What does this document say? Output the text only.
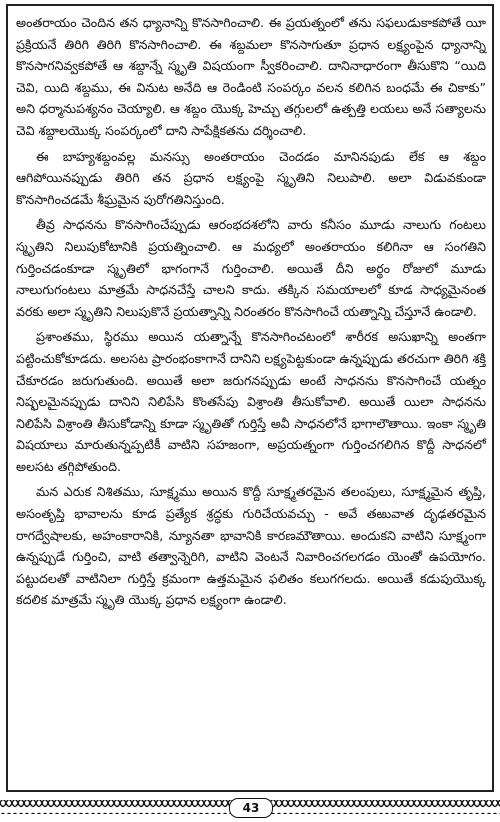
అంతరాయం చెందిన తన ధ్యానాన్ని కొనసాగించాలి. ఈ ప్రయత్నంలో తను సఫలుడుకాకపోతే యీ ప్రక్రియనే తిరిగి తిరిగి కొనసాగించాలి. ఈ శబ్దమలా కొనసాగుతూ ప్రధాన లక్ష్యంపైన ధ్యానాన్ని కొనసాగనివ్వకపోతే ఆ శబ్దాన్నే స్మృతి విషయంగా స్వీకరించాలి. దానినాధారంగా తీసుకొని “యిది చెవి, యిది శబ్దము, ఈ వినుట అనేది ఆ రెండింటి సంపర్కం వలన కలిగిన బంధమే ఈ చికాకు” అని ధర్మానుపశ్యనం చెయ్యాలి. ఆ శబ్దం యొక్క హెచ్చు తగ్గులలో ఉత్పత్తి లయలు అనే సత్యాలను చెవి శబ్దాలయొక్క సంపర్కంలో దాని సాపేక్షికతను దర్శించాలి.

ఈ బాహ్యశబ్దంవల్ల మనస్సు అంతరాయం చెందడం మానినపుడు లేక ఆ శబ్దం ఆగిపోయినప్పుడు తిరిగి తన ప్రధాన లక్ష్యంపై స్మృతిని నిలుపాలి. అలా విడువకుండా కొనసాగించడమే శీఘ్రమైన పురోగతినిస్తుంది.

తీవ్ర సాధనను కొనసాగించేప్పుడు ఆరంభదశలోని వారు కనీసం మూడు నాలుగు గంటలు స్మృతిని నిలుపుకోటానికి ప్రయత్నించాలి. ఆ మధ్యలో అంతరాయం కలిగినా ఆ సంగతిని గుర్తించడంకూడా స్మృతిలో భాగంగానే గుర్తించాలి. అయితే దీని అర్థం రోజులో మూడు నాలుగుగంటలు మాత్రమే సాధనచేస్తే చాలని కాదు. తక్కిన సమయాలలో కూడ సాధ్యమైనంత వరకు అలా స్మృతిని నిలుపుకొనే ప్రయత్నాన్ని నిరంతరం కొనసాగించే యత్నాన్ని చేస్తూనే ఉండాలి.

ప్రశాంతము, స్థిరము అయిన యత్నాన్నే కొనసాగించటంలో శారీరక అసుఖాన్ని అంతగా పట్టించుకోకూడదు. అలసట ప్రారంభంకాగానే దానిని లక్ష్యపెట్టకుండా ఉన్నప్పుడు తరచుగా తిరిగి శక్తి చేకూరడం జరుగుతుంది. అయితే అలా జరుగనప్పుడు అంటే సాధనను కొనసాగించే యత్నం నిష్ఫలమైనప్పుడు దానిని నిలిపేసి కొంతసేపు విశ్రాంతి తీసుకోవాలి. అయితే యిలా సాధనను నిలిపేసి విశ్రాంతి తీసుకోడాన్ని కూడా స్మృతితో గుర్తిస్తే అవీ సాధనలోనే భాగాలౌతాయి. ఇంకా స్మృతి విషయాలు మారుతున్నప్పటికీ వాటిని సహజంగా, అప్రయత్నంగా గుర్తించగలిగిన కొద్దీ సాధనలో అలసట తగ్గిపోతుంది.

మన ఎరుక నిశితము, సూక్ష్మము అయిన కొద్దీ సూక్ష్మతరమైన తలంపులు, సూక్ష్మమైన తృప్తి, అసంతృప్తి భావాలను కూడ ప్రత్యేక శ్రద్ధకు గురిచేయవచ్చు - అవే తఱువాత దృఢతరమైన రాగద్వేషాలకు, అహంకారానికి, న్యూనతా భావానికి కారణమౌతాయి. అందుకని వాటిని సూక్ష్మంగా ఉన్నప్పుడే గుర్తించి, వాటి తత్వాన్నెరిగి, వాటిని వెంటనే నివారించగలగడం యెంతో ఉపయోగం. పట్టుదలతో వాటినిలా గుర్తిస్తే క్రమంగా ఉత్తమమైన ఫలితం కలుగగలదు. అయితే కడుపుయొక్క కదలిక మాత్రమే స్మృతి యొక్క ప్రధాన లక్ష్యంగా ఉండాలి.

43
